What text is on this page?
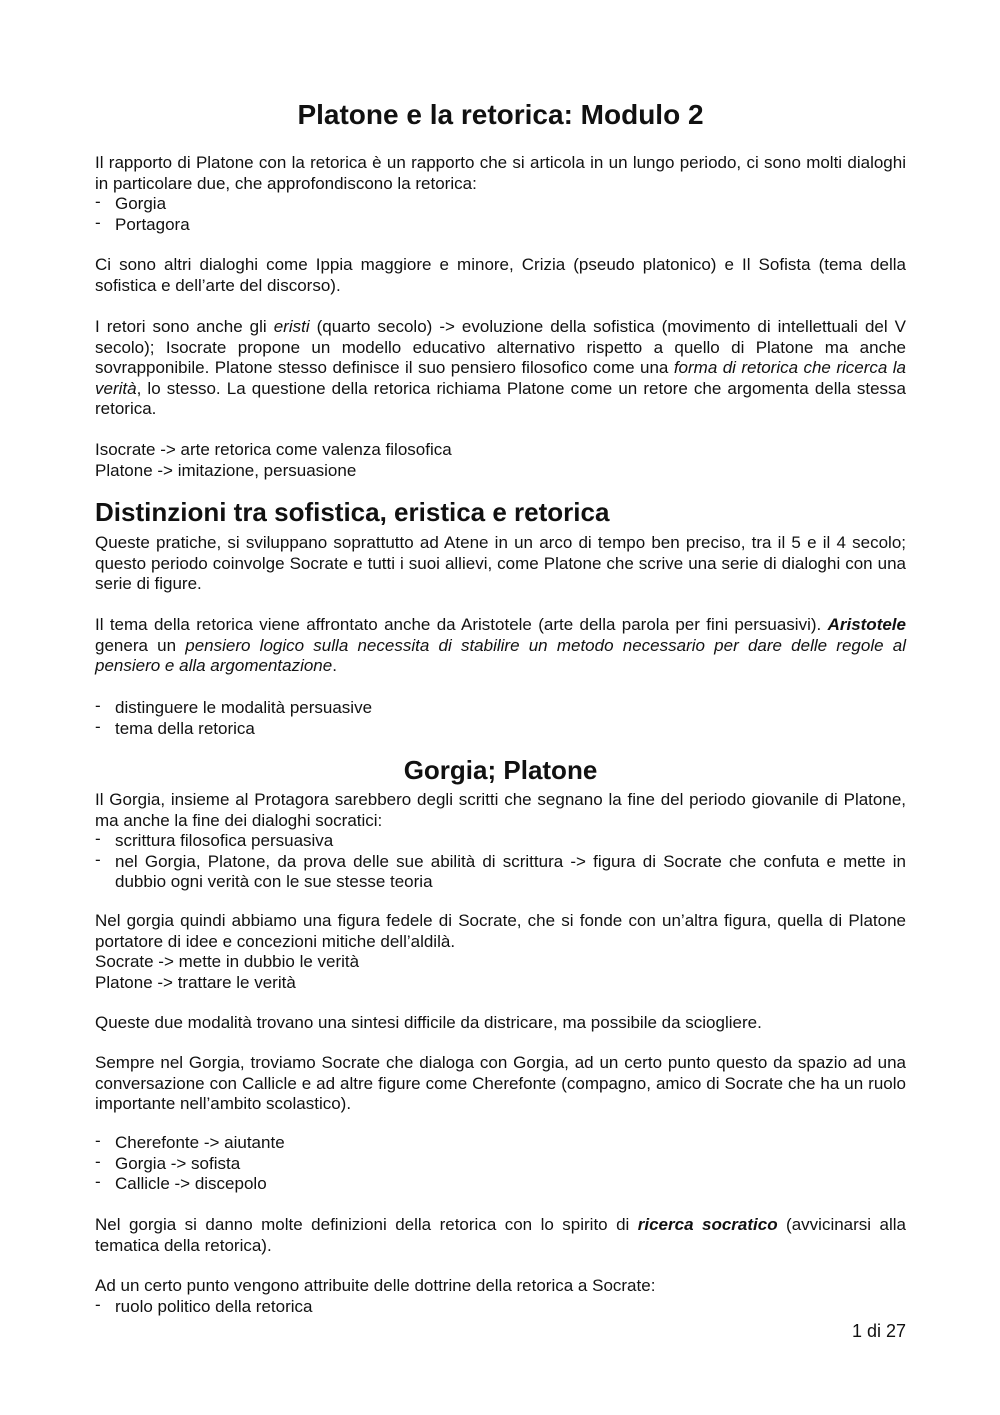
Platone e la retorica: Modulo 2

Il rapporto di Platone con la retorica è un rapporto che si articola in un lungo periodo, ci sono molti dialoghi in particolare due, che approfondiscono la retorica:

- Gorgia
- Portagora

Ci sono altri dialoghi come Ippia maggiore e minore, Crizia (pseudo platonico) e Il Sofista (tema della sofistica e dell’arte del discorso).

I retori sono anche gli eristi (quarto secolo) -> evoluzione della sofistica (movimento di intellettuali del V secolo); Isocrate propone un modello educativo alternativo rispetto a quello di Platone ma anche sovrapponibile. Platone stesso definisce il suo pensiero filosofico come una forma di retorica che ricerca la verità, lo stesso. La questione della retorica richiama Platone come un retore che argomenta della stessa retorica.

Isocrate -> arte retorica come valenza filosofica

Platone -> imitazione, persuasione

Distinzioni tra sofistica, eristica e retorica

Queste pratiche, si sviluppano soprattutto ad Atene in un arco di tempo ben preciso, tra il 5 e il 4 secolo; questo periodo coinvolge Socrate e tutti i suoi allievi, come Platone che scrive una serie di dialoghi con una serie di figure.

Il tema della retorica viene affrontato anche da Aristotele (arte della parola per fini persuasivi). Aristotele genera un pensiero logico sulla necessita di stabilire un metodo necessario per dare delle regole al pensiero e alla argomentazione.

- distinguere le modalità persuasive
- tema della retorica
Gorgia; Platone

Il Gorgia, insieme al Protagora sarebbero degli scritti che segnano la fine del periodo giovanile di Platone, ma anche la fine dei dialoghi socratici:

- scrittura filosofica persuasiva
- nel Gorgia, Platone, da prova delle sue abilità di scrittura -> figura di Socrate che confuta e mette in dubbio ogni verità con le sue stesse teoria

Nel gorgia quindi abbiamo una figura fedele di Socrate, che si fonde con un’altra figura, quella di Platone portatore di idee e concezioni mitiche dell’aldilà.

Socrate -> mette in dubbio le verità

Platone -> trattare le verità

Queste due modalità trovano una sintesi difficile da districare, ma possibile da sciogliere.

Sempre nel Gorgia, troviamo Socrate che dialoga con Gorgia, ad un certo punto questo da spazio ad una conversazione con Callicle e ad altre figure come Cherefonte (compagno, amico di Socrate che ha un ruolo importante nell’ambito scolastico).

- Cherefonte -> aiutante
- Gorgia -> sofista
- Callicle -> discepolo

Nel gorgia si danno molte definizioni della retorica con lo spirito di ricerca socratico (avvicinarsi alla tematica della retorica).

Ad un certo punto vengono attribuite delle dottrine della retorica a Socrate:

- ruolo politico della retorica
1 di 27
